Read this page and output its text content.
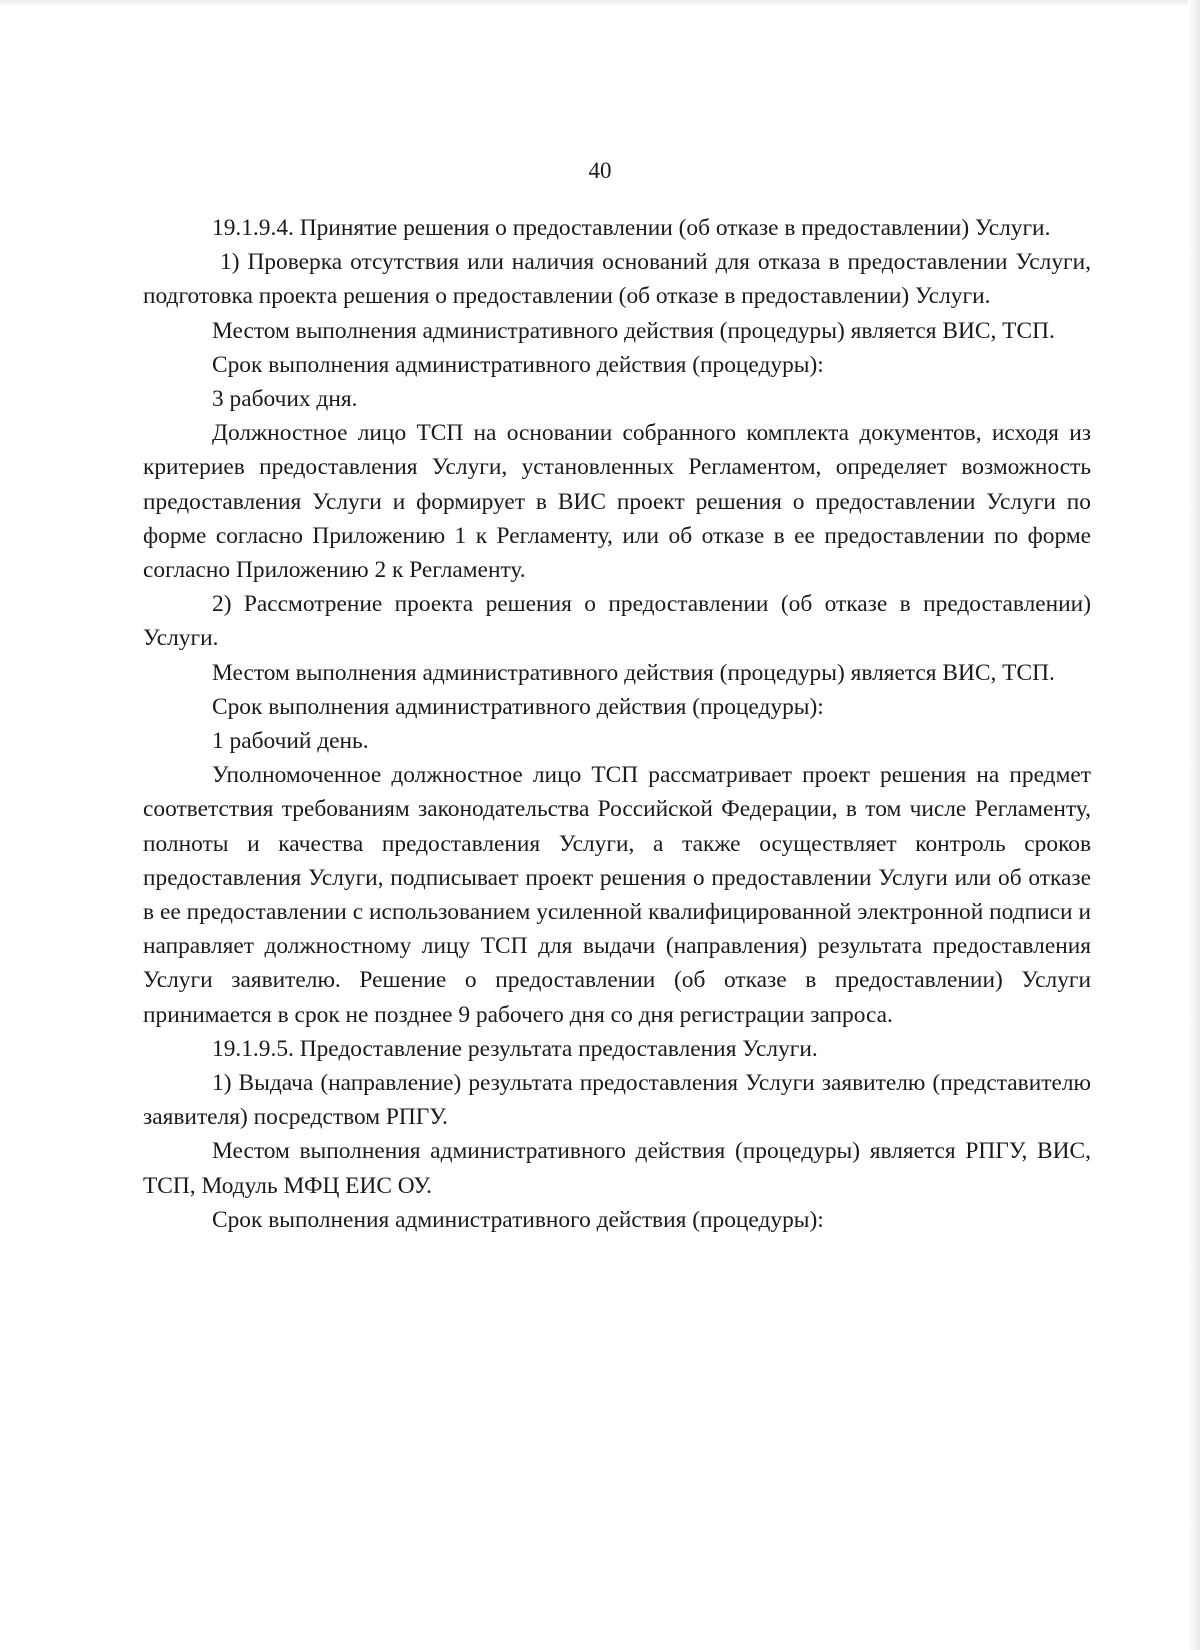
40

19.1.9.4. Принятие решения о предоставлении (об отказе в предоставлении) Услуги.

1) Проверка отсутствия или наличия оснований для отказа в предоставлении Услуги, подготовка проекта решения о предоставлении (об отказе в предоставлении) Услуги.

Местом выполнения административного действия (процедуры) является ВИС, ТСП.

Срок выполнения административного действия (процедуры):

3 рабочих дня.

Должностное лицо ТСП на основании собранного комплекта документов, исходя из критериев предоставления Услуги, установленных Регламентом, определяет возможность предоставления Услуги и формирует в ВИС проект решения о предоставлении Услуги по форме согласно Приложению 1 к Регламенту, или об отказе в ее предоставлении по форме согласно Приложению 2 к Регламенту.

2) Рассмотрение проекта решения о предоставлении (об отказе в предоставлении) Услуги.

Местом выполнения административного действия (процедуры) является ВИС, ТСП.

Срок выполнения административного действия (процедуры):

1 рабочий день.

Уполномоченное должностное лицо ТСП рассматривает проект решения на предмет соответствия требованиям законодательства Российской Федерации, в том числе Регламенту, полноты и качества предоставления Услуги, а также осуществляет контроль сроков предоставления Услуги, подписывает проект решения о предоставлении Услуги или об отказе в ее предоставлении с использованием усиленной квалифицированной электронной подписи и направляет должностному лицу ТСП для выдачи (направления) результата предоставления Услуги заявителю. Решение о предоставлении (об отказе в предоставлении) Услуги принимается в срок не позднее 9 рабочего дня со дня регистрации запроса.

19.1.9.5. Предоставление результата предоставления Услуги.

1) Выдача (направление) результата предоставления Услуги заявителю (представителю заявителя) посредством РПГУ.

Местом выполнения административного действия (процедуры) является РПГУ, ВИС, ТСП, Модуль МФЦ ЕИС ОУ.

Срок выполнения административного действия (процедуры):
